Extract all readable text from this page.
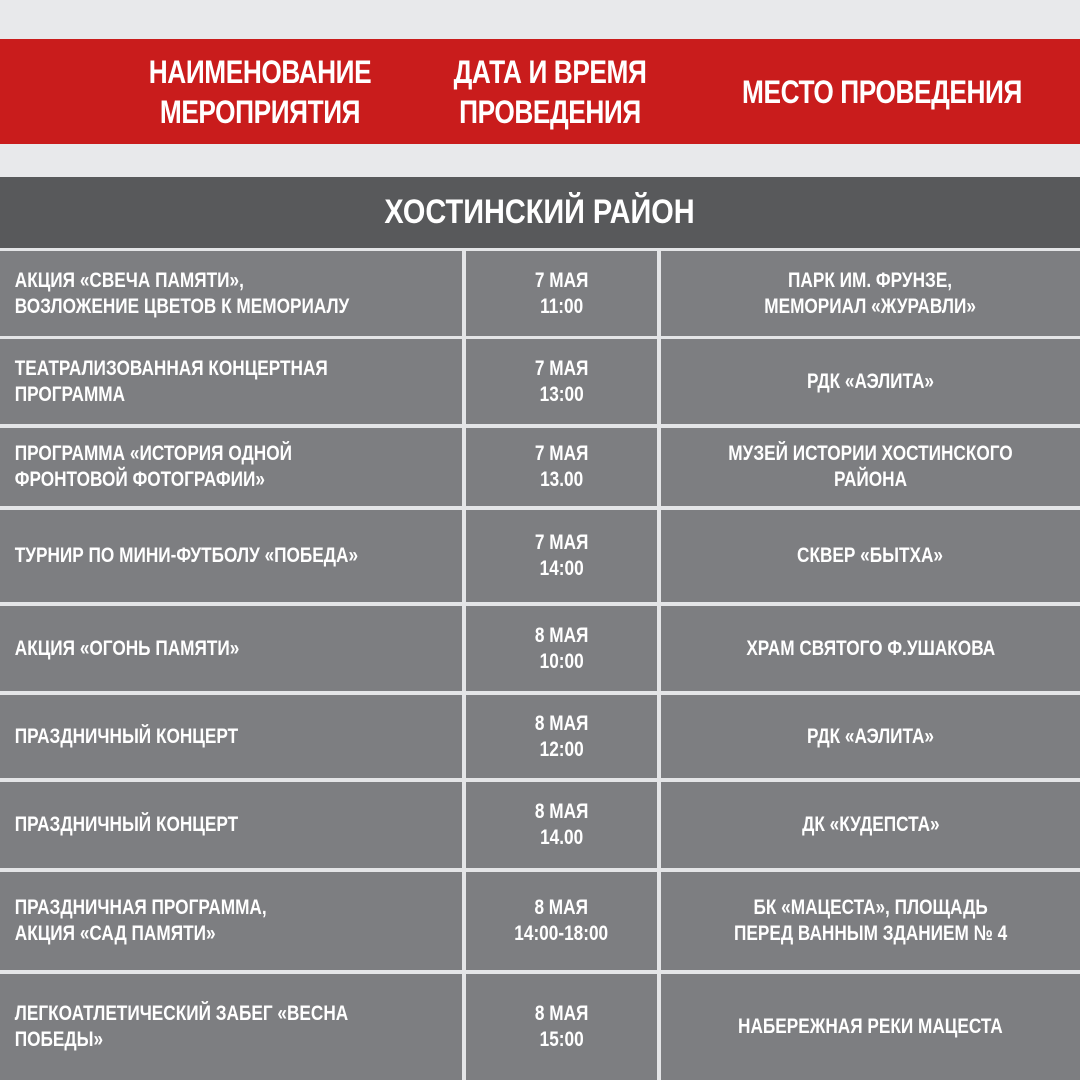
НАИМЕНОВАНИЕ
МЕРОПРИЯТИЯ
ДАТА И ВРЕМЯ
ПРОВЕДЕНИЯ
МЕСТО ПРОВЕДЕНИЯ
ХОСТИНСКИЙ РАЙОН
АКЦИЯ «СВЕЧА ПАМЯТИ»,
ВОЗЛОЖЕНИЕ ЦВЕТОВ К МЕМОРИАЛУ
7 МАЯ
11:00
ПАРК ИМ. ФРУНЗЕ,
МЕМОРИАЛ «ЖУРАВЛИ»
ТЕАТРАЛИЗОВАННАЯ КОНЦЕРТНАЯ ПРОГРАММА
7 МАЯ
13:00
РДК «АЭЛИТА»
ПРОГРАММА «ИСТОРИЯ ОДНОЙ
ФРОНТОВОЙ ФОТОГРАФИИ»
7 МАЯ
13.00
МУЗЕЙ ИСТОРИИ ХОСТИНСКОГО РАЙОНА
ТУРНИР ПО МИНИ-ФУТБОЛУ «ПОБЕДА»
7 МАЯ
14:00
СКВЕР «БЫТХА»
АКЦИЯ «ОГОНЬ ПАМЯТИ»
8 МАЯ
10:00
ХРАМ СВЯТОГО Ф.УШАКОВА
ПРАЗДНИЧНЫЙ КОНЦЕРТ
8 МАЯ
12:00
РДК «АЭЛИТА»
ПРАЗДНИЧНЫЙ КОНЦЕРТ
8 МАЯ
14.00
ДК «КУДЕПСТА»
ПРАЗДНИЧНАЯ ПРОГРАММА,
АКЦИЯ «САД ПАМЯТИ»
8 МАЯ
14:00-18:00
БК «МАЦЕСТА», ПЛОЩАДЬ
ПЕРЕД ВАННЫМ ЗДАНИЕМ № 4
ЛЕГКОАТЛЕТИЧЕСКИЙ ЗАБЕГ «ВЕСНА ПОБЕДЫ»
8 МАЯ
15:00
НАБЕРЕЖНАЯ РЕКИ МАЦЕСТА
